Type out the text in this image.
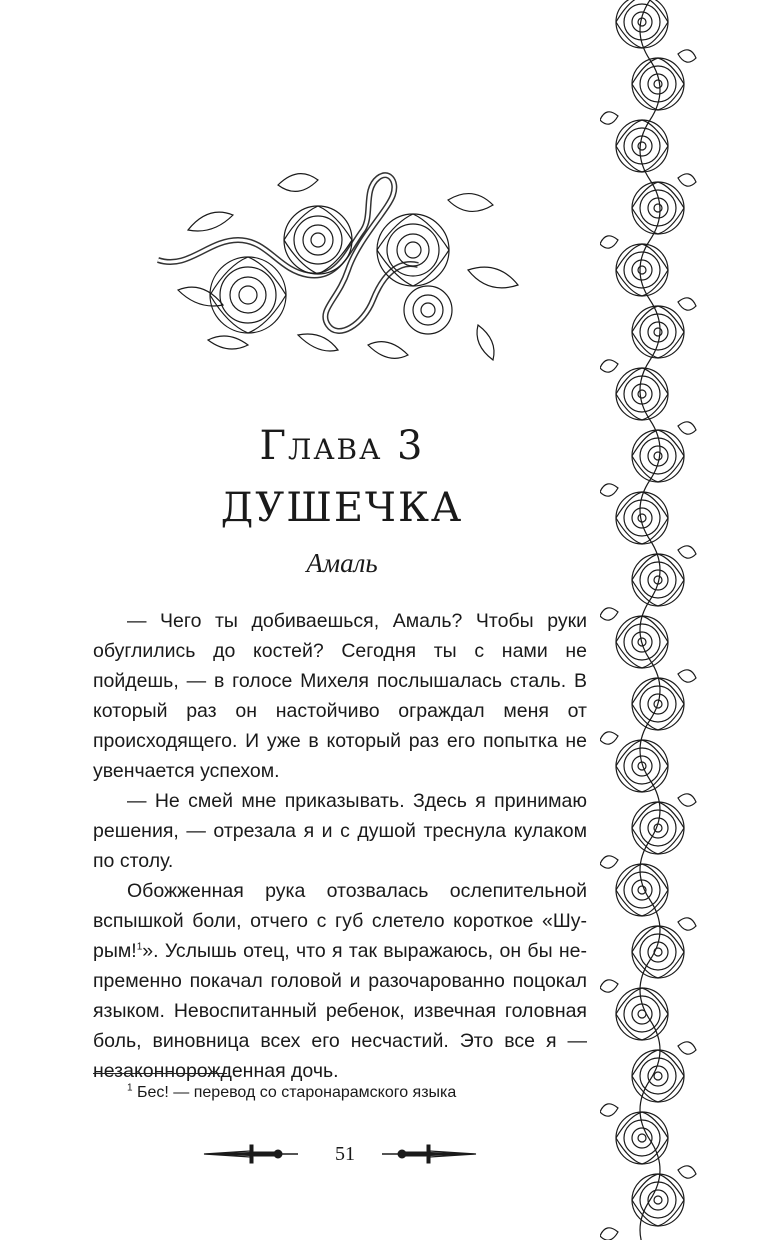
Глава 3
ДУШЕЧКА
Амаль

— Чего ты добиваешься, Амаль? Чтобы руки обуглились до костей? Сегодня ты с нами не пойдешь, — в голосе Михеля послышалась сталь. В который раз он настойчиво ограждал меня от происходящего. И уже в который раз его попытка не увенчается успехом.

— Не смей мне приказывать. Здесь я принимаю решения, — отрезала я и с душой треснула кулаком по столу.

Обожженная рука отозвалась ослепительной вспышкой боли, отчего с губ слетело короткое «Шурым!$^1$». Услышь отец, что я так выражаюсь, он бы непременно покачал головой и разочарованно поцокал языком. Невоспитанный ребенок, извечная головная боль, виновница всех его несчастий. Это все я — незаконнорожденная дочь.

$^1$ Бес! — перевод со старонарамского языка
51
